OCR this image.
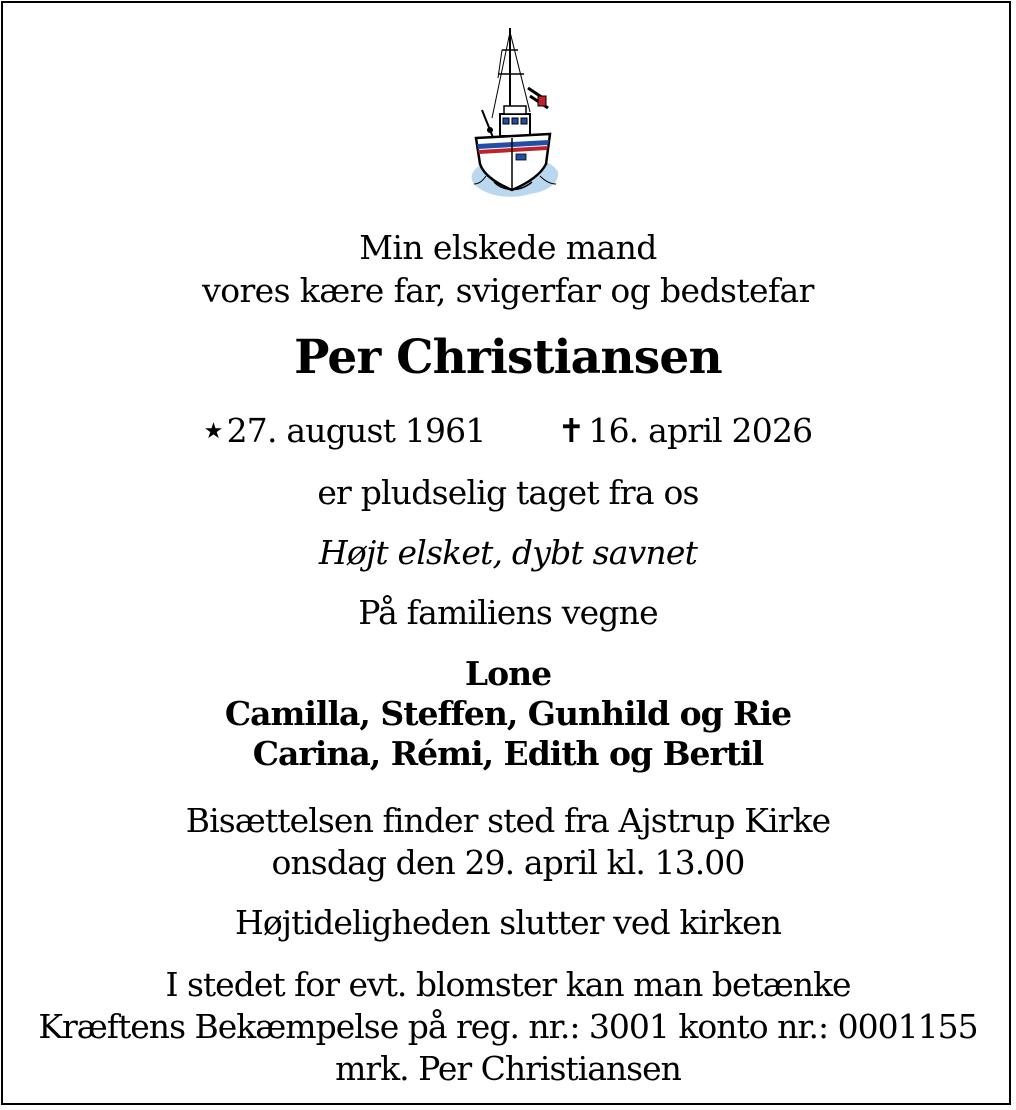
Min elskede mand
vores kære far, svigerfar og bedstefar
Per Christiansen
★ 27. august 1961 ✝ 16. april 2026
er pludselig taget fra os
Højt elsket, dybt savnet
På familiens vegne
Lone
Camilla, Steffen, Gunhild og Rie
Carina, Rémi, Edith og Bertil
Bisættelsen finder sted fra Ajstrup Kirke
onsdag den 29. april kl. 13.00
Højtideligheden slutter ved kirken
I stedet for evt. blomster kan man betænke
Kræftens Bekæmpelse på reg. nr.: 3001 konto nr.: 0001155
mrk. Per Christiansen
